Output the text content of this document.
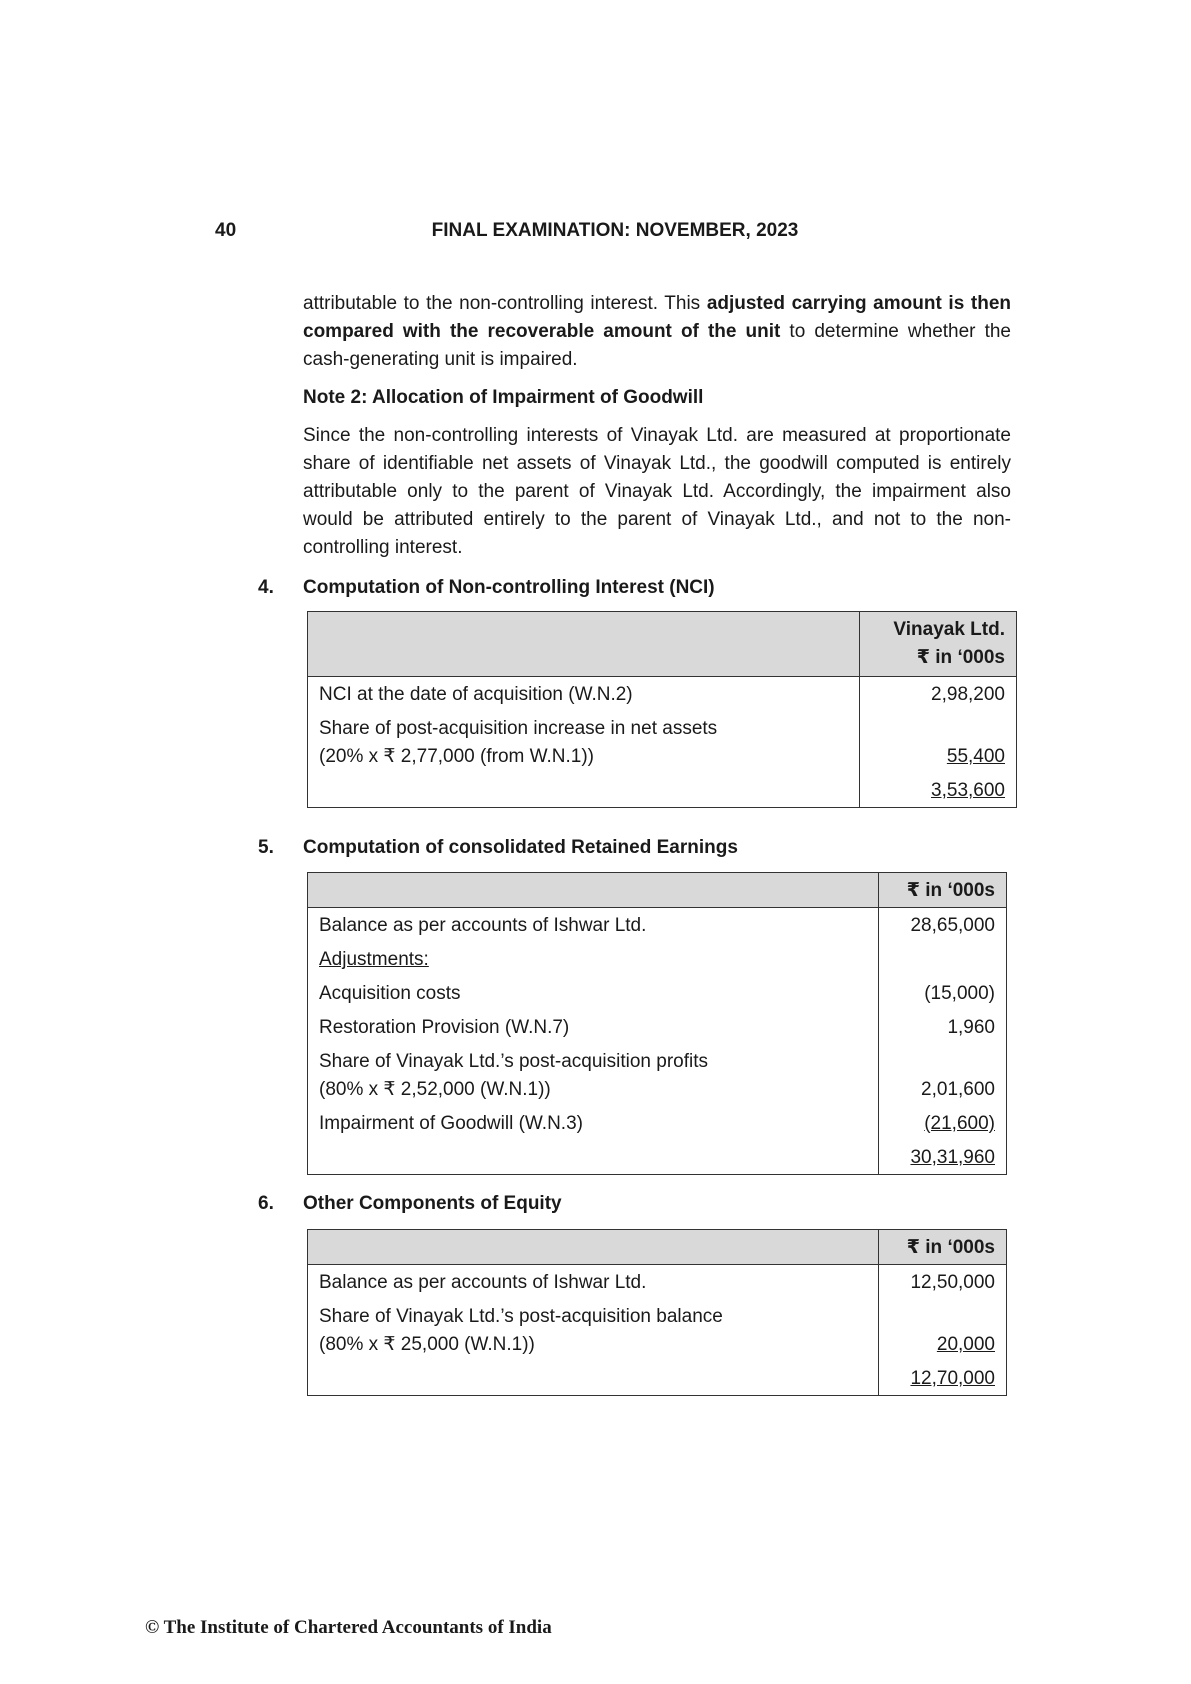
40	FINAL EXAMINATION: NOVEMBER, 2023

attributable to the non-controlling interest. This adjusted carrying amount is then compared with the recoverable amount of the unit to determine whether the cash-generating unit is impaired.

Note 2: Allocation of Impairment of Goodwill

Since the non-controlling interests of Vinayak Ltd. are measured at proportionate share of identifiable net assets of Vinayak Ltd., the goodwill computed is entirely attributable only to the parent of Vinayak Ltd. Accordingly, the impairment also would be attributed entirely to the parent of Vinayak Ltd., and not to the non-controlling interest.

4. Computation of Non-controlling Interest (NCI)

	Vinayak Ltd.
₹ in ‘000s

NCI at the date of acquisition (W.N.2)	2,98,200

Share of post-acquisition increase in net assets
(20% x ₹ 2,77,000 (from W.N.1))	55,400
	3,53,600
5. Computation of consolidated Retained Earnings
	₹ in ‘000s
Balance as per accounts of Ishwar Ltd.	28,65,000
Adjustments:	
Acquisition costs	(15,000)
Restoration Provision (W.N.7)	1,960

Share of Vinayak Ltd.’s post-acquisition profits
(80% x ₹ 2,52,000 (W.N.1))	2,01,600
Impairment of Goodwill (W.N.3)	(21,600)
	30,31,960
6. Other Components of Equity
	₹ in ‘000s
Balance as per accounts of Ishwar Ltd.	12,50,000

Share of Vinayak Ltd.’s post-acquisition balance
(80% x ₹ 25,000 (W.N.1))	20,000
	12,70,000
© The Institute of Chartered Accountants of India
